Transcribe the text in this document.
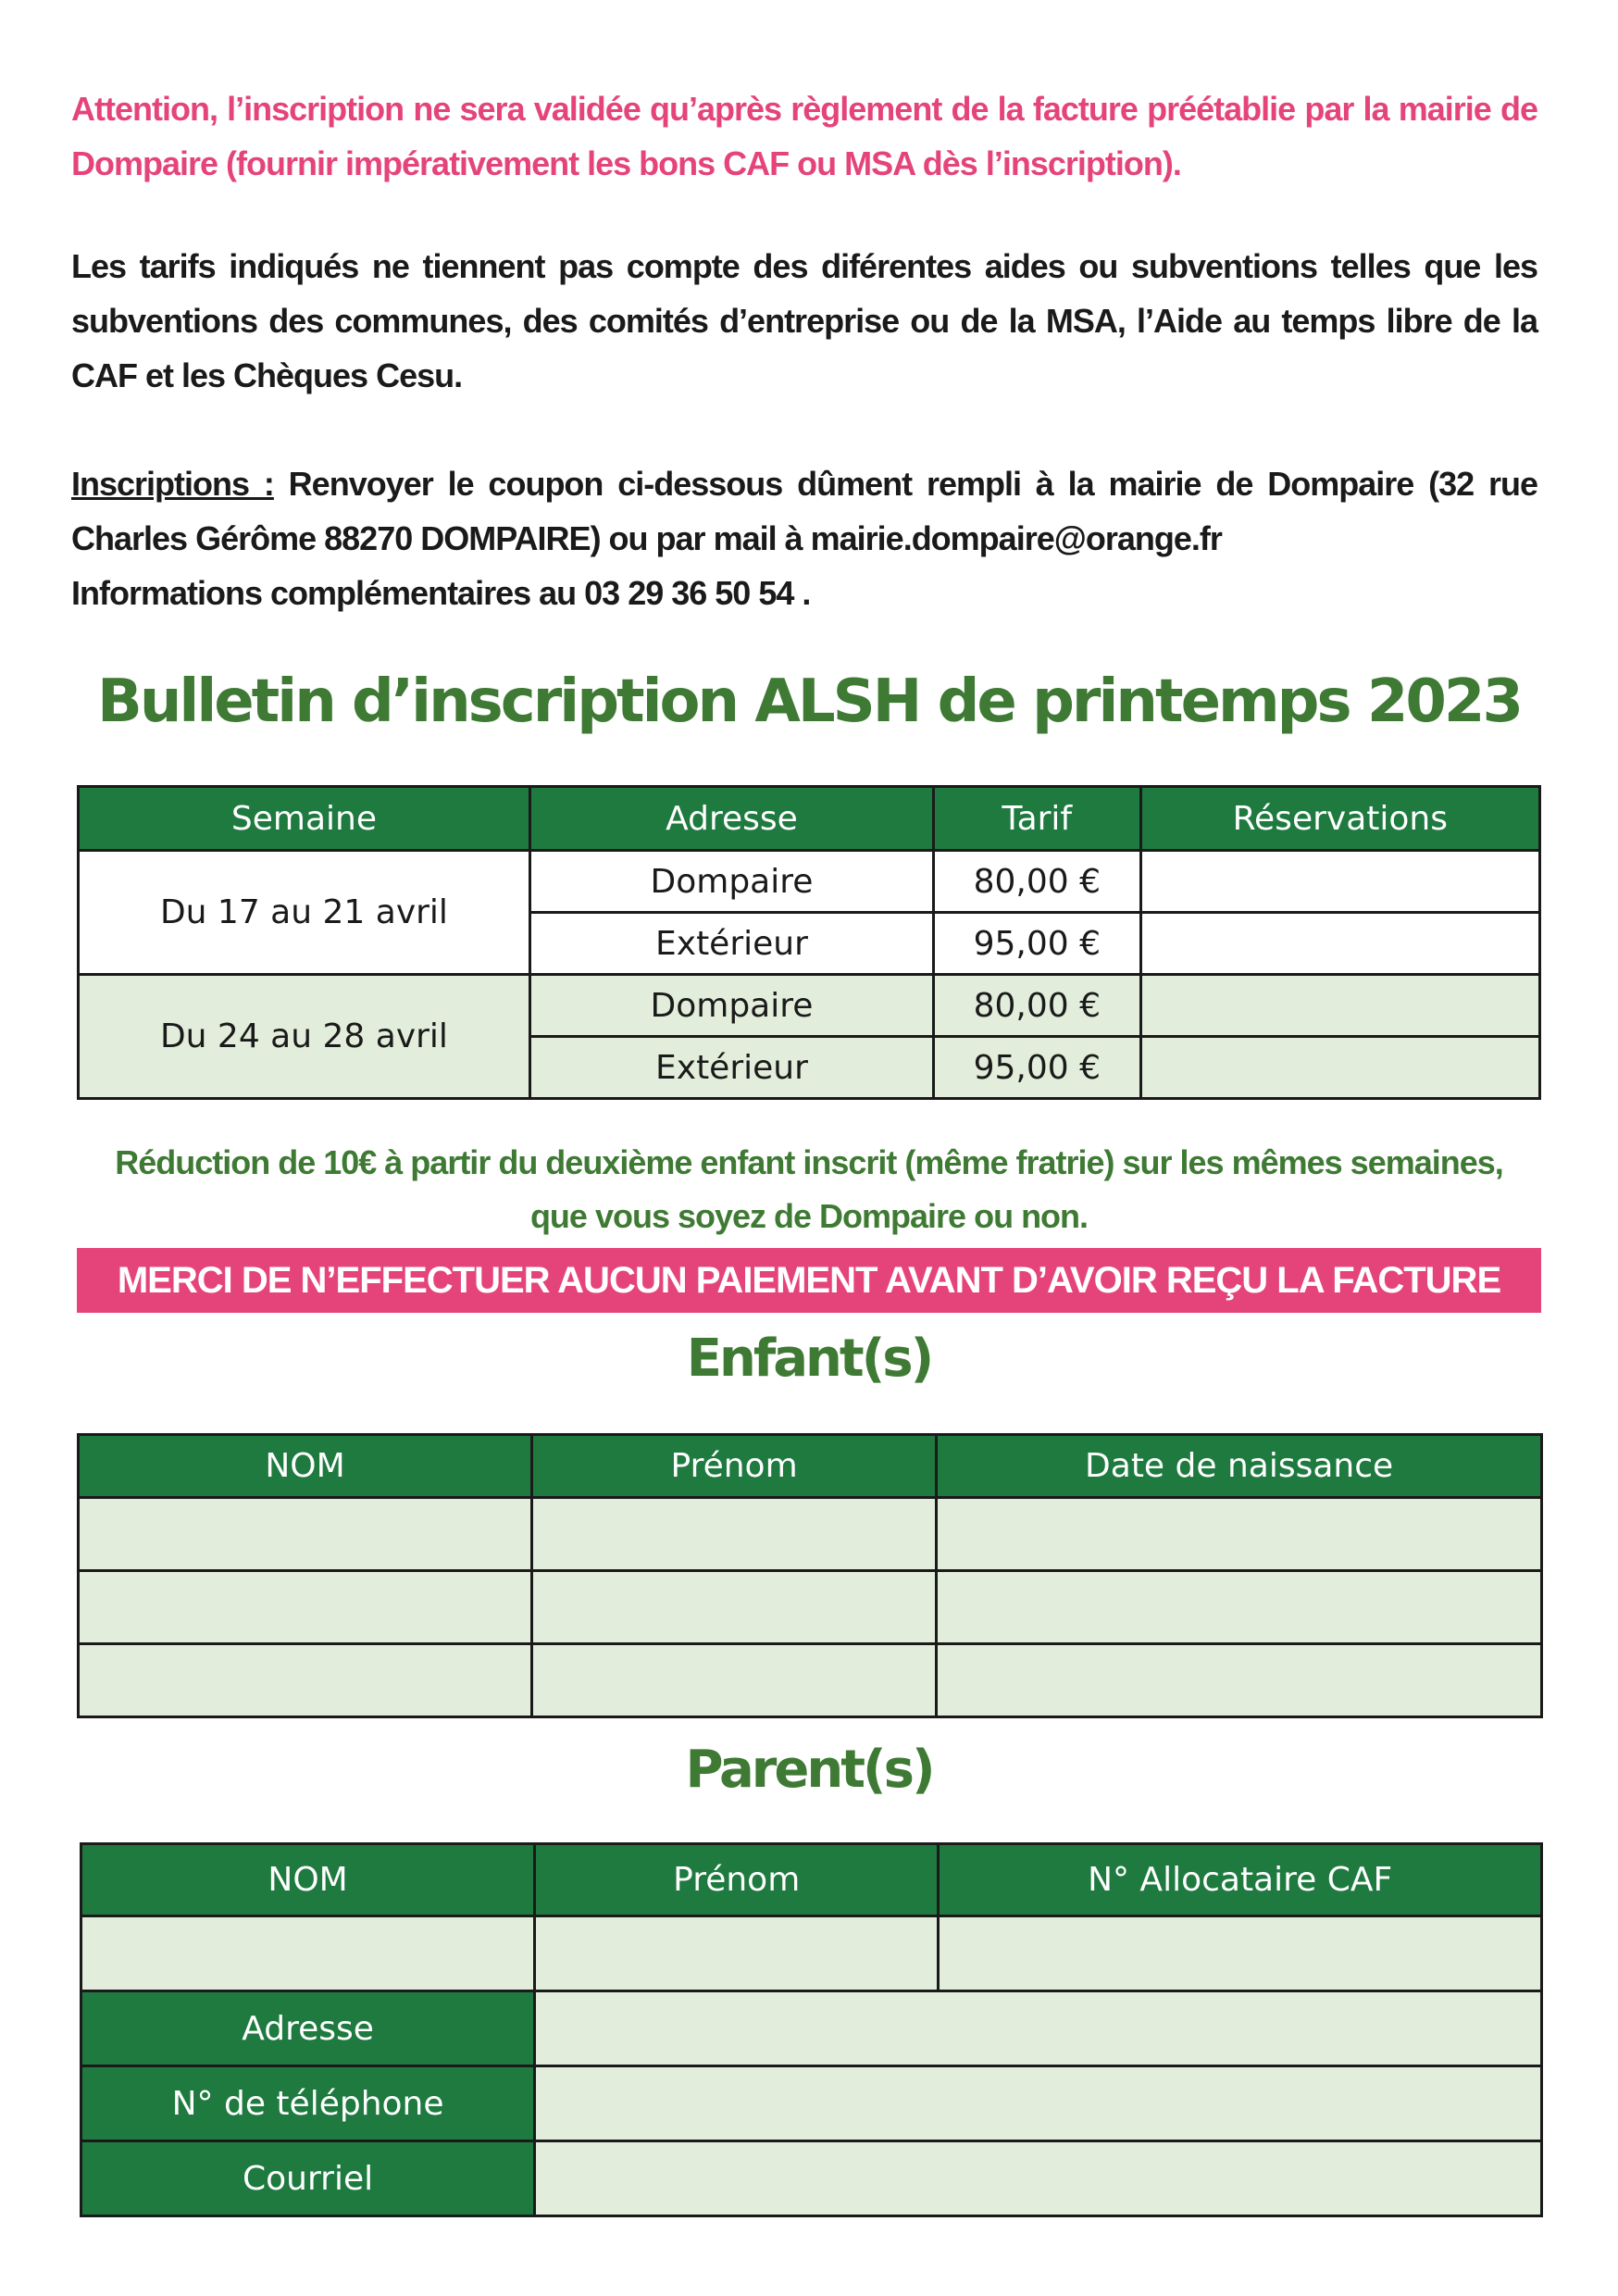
Attention, l’inscription ne sera validée qu’après règlement de la facture préétablie par la mairie de Dompaire (fournir impérativement les bons CAF ou MSA dès l’inscription).
Les tarifs indiqués ne tiennent pas compte des diférentes aides ou subventions telles que les subventions des communes, des comités d’entreprise ou de la MSA, l’Aide au temps libre de la CAF et les Chèques Cesu.
Inscriptions : Renvoyer le coupon ci-dessous dûment rempli à la mairie de Dompaire (32 rue Charles Gérôme 88270 DOMPAIRE) ou par mail à mairie.dompaire@orange.fr
Informations complémentaires au 03 29 36 50 54 .
Bulletin d’inscription ALSH de printemps 2023
Semaine	Adresse	Tarif	Réservations
Du 17 au 21 avril	Dompaire	80,00 €	
	Extérieur	95,00 €	
Du 24 au 28 avril	Dompaire	80,00 €	
	Extérieur	95,00 €	
Réduction de 10€ à partir du deuxième enfant inscrit (même fratrie) sur les mêmes semaines,
que vous soyez de Dompaire ou non.
MERCI DE N’EFFECTUER AUCUN PAIEMENT AVANT D’AVOIR REÇU LA FACTURE
Enfant(s)
NOM	Prénom	Date de naissance

Parent(s)
NOM	Prénom	N° Allocataire CAF

Adresse		
N° de téléphone		
Courriel		
